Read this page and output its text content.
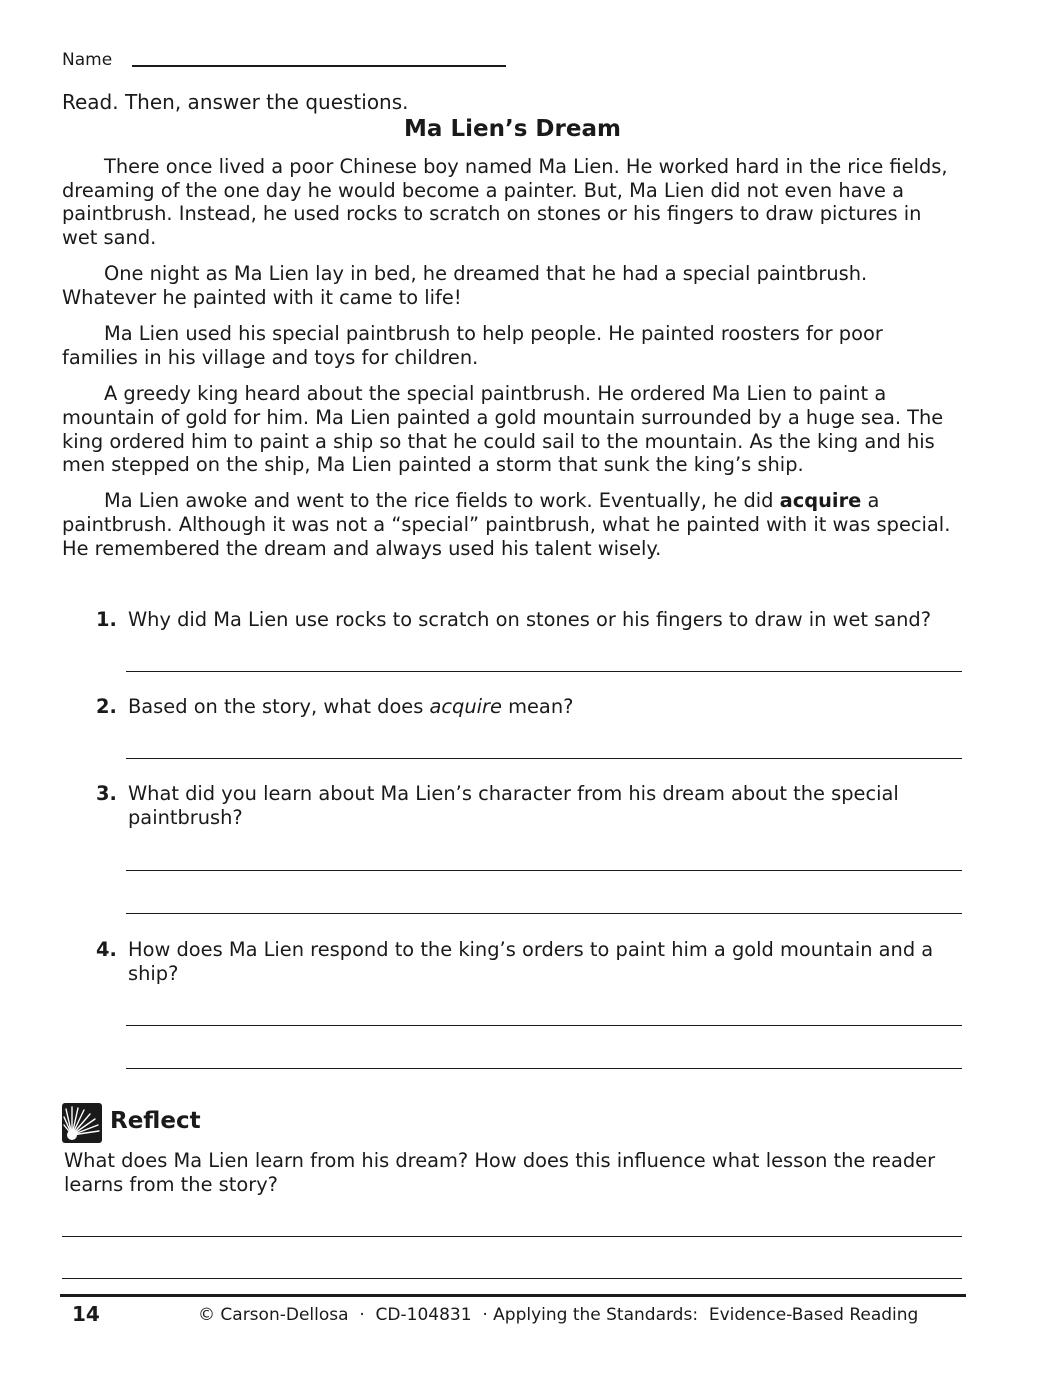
Name
Read. Then, answer the questions.
Ma Lien’s Dream

There once lived a poor Chinese boy named Ma Lien. He worked hard in the rice fields, dreaming of the one day he would become a painter. But, Ma Lien did not even have a paintbrush. Instead, he used rocks to scratch on stones or his fingers to draw pictures in wet sand.

One night as Ma Lien lay in bed, he dreamed that he had a special paintbrush. Whatever he painted with it came to life!

Ma Lien used his special paintbrush to help people. He painted roosters for poor families in his village and toys for children.

A greedy king heard about the special paintbrush. He ordered Ma Lien to paint a mountain of gold for him. Ma Lien painted a gold mountain surrounded by a huge sea. The king ordered him to paint a ship so that he could sail to the mountain. As the king and his men stepped on the ship, Ma Lien painted a storm that sunk the king’s ship.

Ma Lien awoke and went to the rice fields to work. Eventually, he did acquire a paintbrush. Although it was not a “special” paintbrush, what he painted with it was special. He remembered the dream and always used his talent wisely.

1. Why did Ma Lien use rocks to scratch on stones or his fingers to draw in wet sand?
2. Based on the story, what does acquire mean?
3. What did you learn about Ma Lien’s character from his dream about the special paintbrush?
4. How does Ma Lien respond to the king’s orders to paint him a gold mountain and a ship?
Reflect
What does Ma Lien learn from his dream? How does this influence what lesson the reader learns from the story?
14	© Carson-Dellosa  ·  CD-104831  · Applying the Standards:  Evidence-Based Reading
